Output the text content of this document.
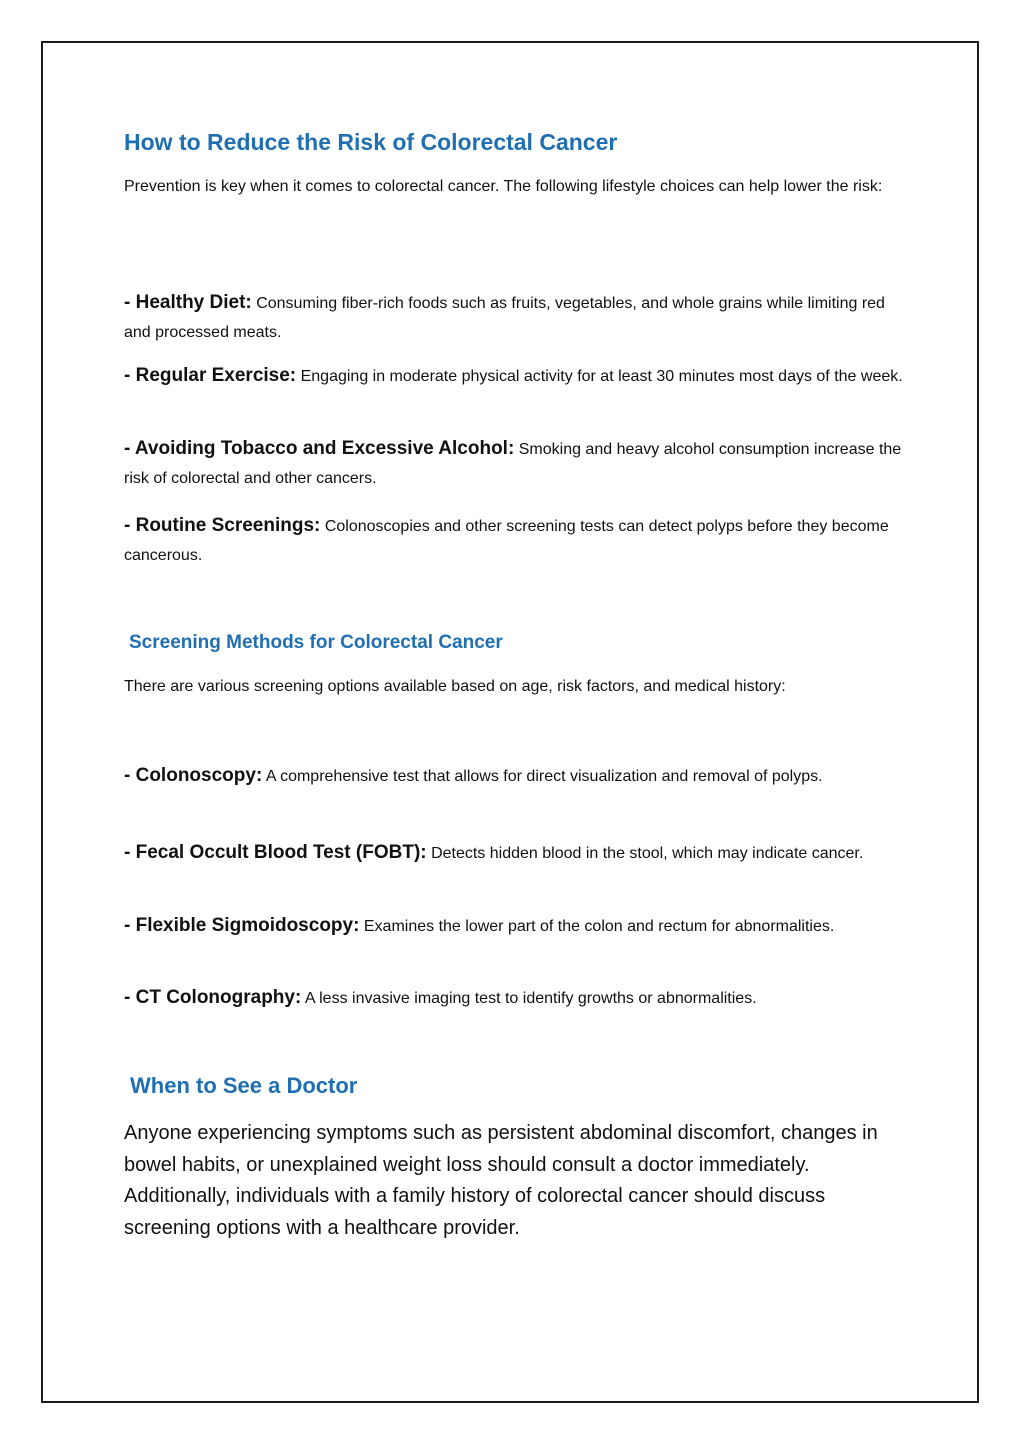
How to Reduce the Risk of Colorectal Cancer

Prevention is key when it comes to colorectal cancer. The following lifestyle choices can help lower the risk:

- Healthy Diet: Consuming fiber-rich foods such as fruits, vegetables, and whole grains while limiting red and processed meats.

- Regular Exercise: Engaging in moderate physical activity for at least 30 minutes most days of the week.

- Avoiding Tobacco and Excessive Alcohol: Smoking and heavy alcohol consumption increase the risk of colorectal and other cancers.

- Routine Screenings: Colonoscopies and other screening tests can detect polyps before they become cancerous.

Screening Methods for Colorectal Cancer

There are various screening options available based on age, risk factors, and medical history:

- Colonoscopy: A comprehensive test that allows for direct visualization and removal of polyps.

- Fecal Occult Blood Test (FOBT): Detects hidden blood in the stool, which may indicate cancer.

- Flexible Sigmoidoscopy: Examines the lower part of the colon and rectum for abnormalities.

- CT Colonography: A less invasive imaging test to identify growths or abnormalities.

When to See a Doctor

Anyone experiencing symptoms such as persistent abdominal discomfort, changes in bowel habits, or unexplained weight loss should consult a doctor immediately. Additionally, individuals with a family history of colorectal cancer should discuss screening options with a healthcare provider.
